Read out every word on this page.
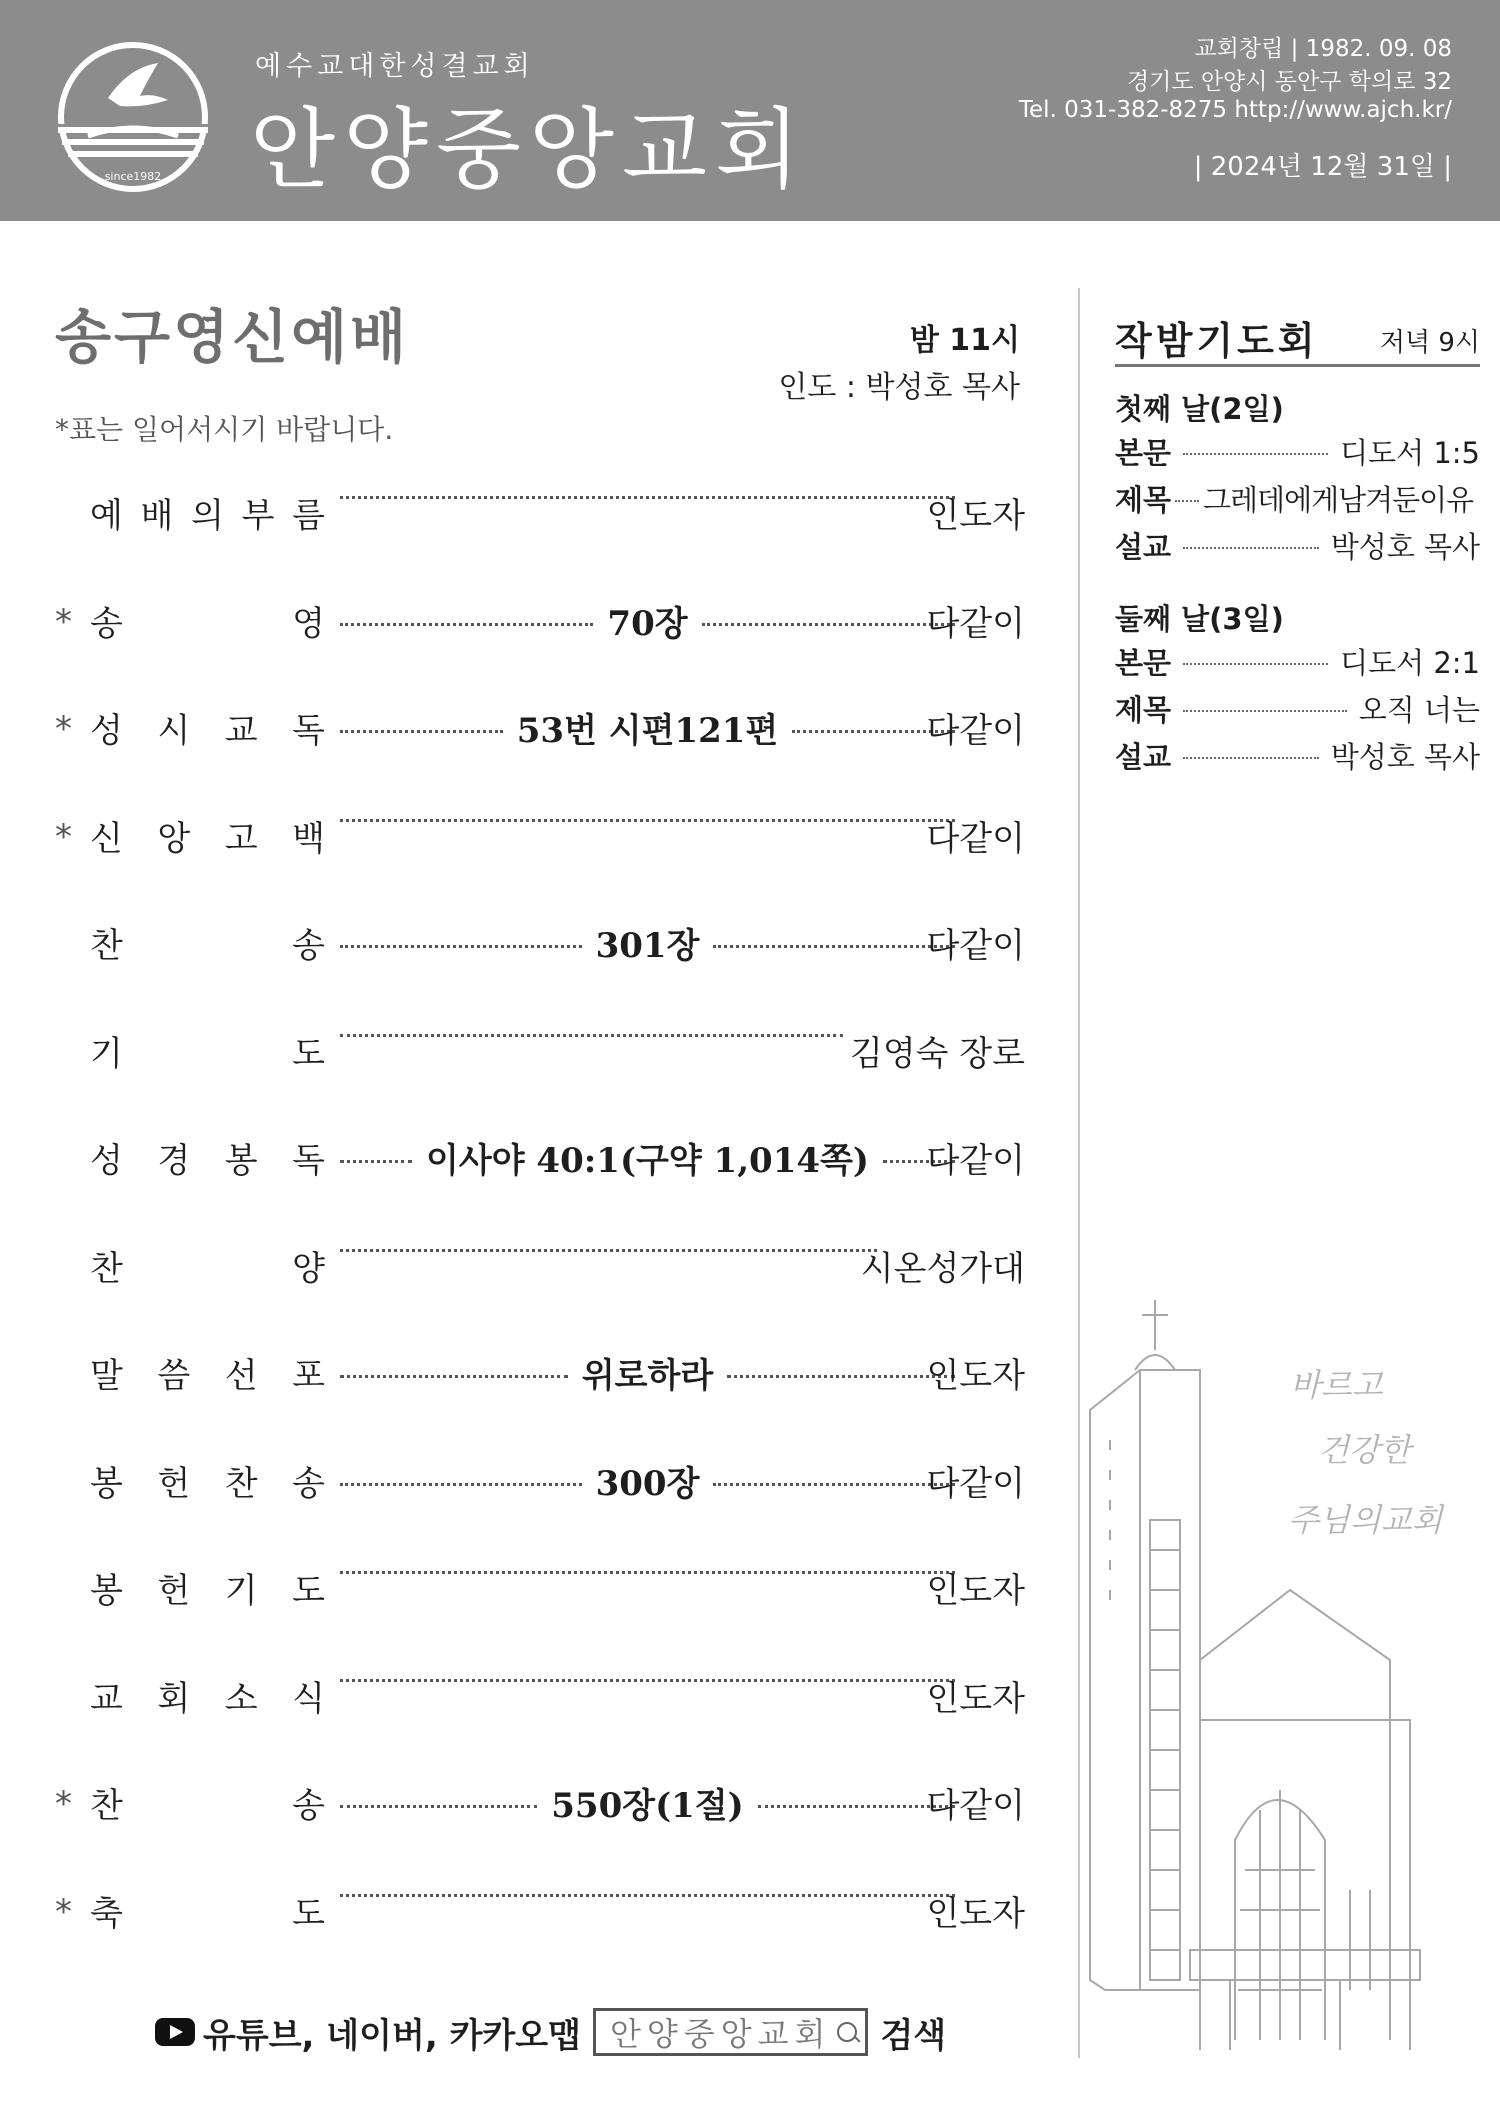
since1982
예수교대한성결교회
안양중앙교회
교회창립 | 1982. 09. 08
경기도 안양시 동안구 학의로 32
Tel. 031-382-8275 http://www.ajch.kr/
| 2024년 12월 31일 |
송구영신예배	밤 11시
인도 : 박성호 목사
*표는 일어서시기 바랍니다.
예 배 의 부 름	인도자
* 송	영	70장	다같이
* 성 시 교 독	53번 시편121편	다같이
* 신 앙 고 백	다같이
찬	송	301장	다같이
기	도	김영숙 장로
성 경 봉 독	이사야 40:1(구약 1,014쪽)	다같이
찬	양	시온성가대
말 씀 선 포	위로하라	인도자
봉 헌 찬 송	300장	다같이
봉 헌 기 도	인도자
교 회 소 식	인도자
* 찬	송	550장(1절)	다같이
* 축	도	인도자
작밤기도회 저녁 9시
첫째 날(2일)
본문	디도서 1:5
제목 그레데에게남겨둔이유
설교	박성호 목사
둘째 날(3일)
본문	디도서 2:1
제목	오직 너는
설교	박성호 목사
바르고
건강한
주님의교회
유튜브, 네이버, 카카오맵 안양중앙교회 검색
